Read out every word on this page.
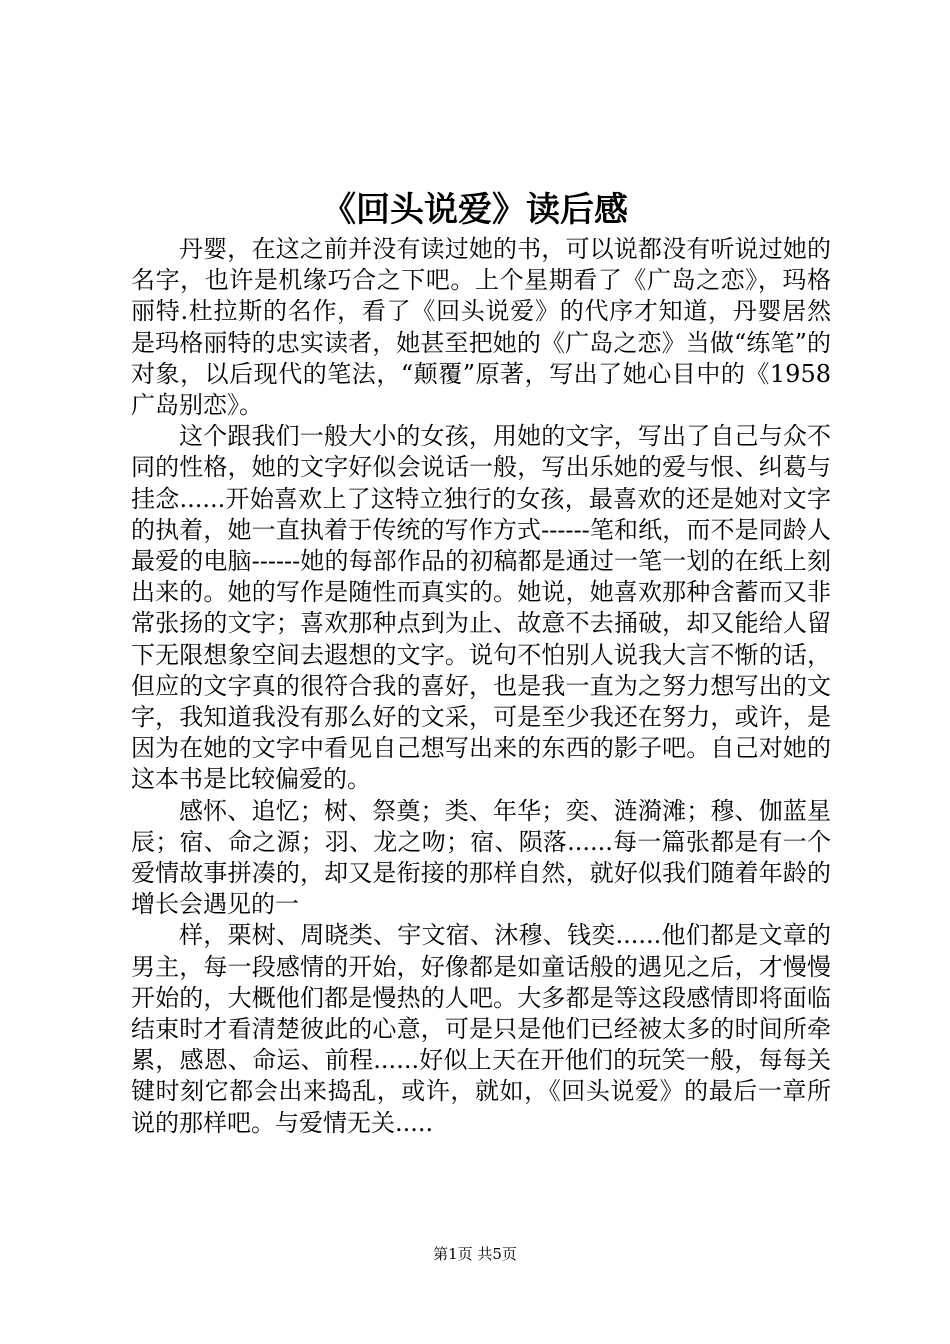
《回头说爱》读后感

丹婴，在这之前并没有读过她的书，可以说都没有听说过她的名字，也许是机缘巧合之下吧。上个星期看了《广岛之恋》，玛格丽特.杜拉斯的名作，看了《回头说爱》的代序才知道，丹婴居然是玛格丽特的忠实读者，她甚至把她的《广岛之恋》当做“练笔”的对象，以后现代的笔法，“颠覆”原著，写出了她心目中的《1958广岛别恋》。

这个跟我们一般大小的女孩，用她的文字，写出了自己与众不同的性格，她的文字好似会说话一般，写出乐她的爱与恨、纠葛与挂念......开始喜欢上了这特立独行的女孩，最喜欢的还是她对文字的执着，她一直执着于传统的写作方式------笔和纸，而不是同龄人最爱的电脑------她的每部作品的初稿都是通过一笔一划的在纸上刻出来的。她的写作是随性而真实的。她说，她喜欢那种含蓄而又非常张扬的文字；喜欢那种点到为止、故意不去捅破，却又能给人留下无限想象空间去遐想的文字。说句不怕别人说我大言不惭的话，但应的文字真的很符合我的喜好，也是我一直为之努力想写出的文字，我知道我没有那么好的文采，可是至少我还在努力，或许，是因为在她的文字中看见自己想写出来的东西的影子吧。自己对她的这本书是比较偏爱的。

感怀、追忆；树、祭奠；类、年华；奕、涟漪滩；穆、伽蓝星辰；宿、命之源；羽、龙之吻；宿、陨落......每一篇张都是有一个爱情故事拼凑的，却又是衔接的那样自然，就好似我们随着年龄的增长会遇见的一

样，栗树、周晓类、宇文宿、沐穆、钱奕......他们都是文章的男主，每一段感情的开始，好像都是如童话般的遇见之后，才慢慢开始的，大概他们都是慢热的人吧。大多都是等这段感情即将面临结束时才看清楚彼此的心意，可是只是他们已经被太多的时间所牵累，感恩、命运、前程......好似上天在开他们的玩笑一般，每每关键时刻它都会出来捣乱，或许，就如，《回头说爱》的最后一章所说的那样吧。与爱情无关.....

第1页 共5页
